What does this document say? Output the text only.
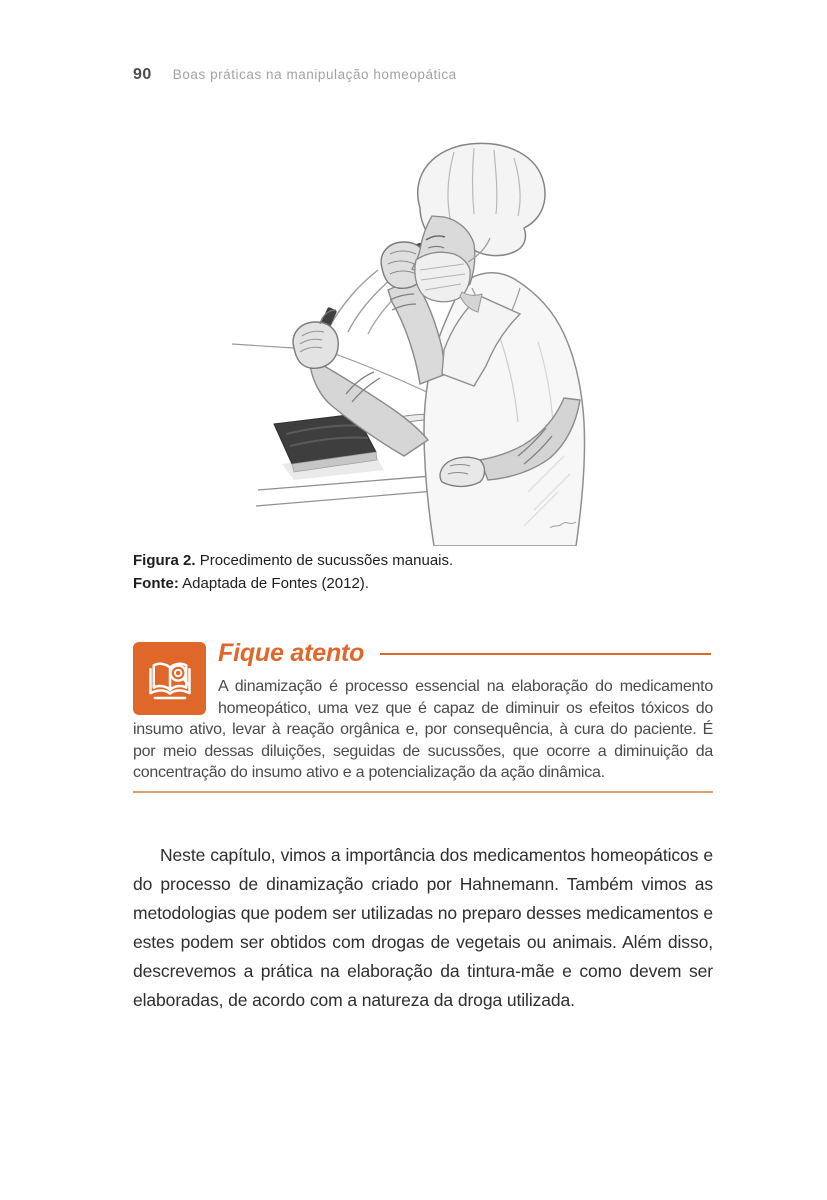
90 Boas práticas na manipulação homeopática

Figura 2. Procedimento de sucussões manuais.

Fonte: Adaptada de Fontes (2012).

Fique atento

A dinamização é processo essencial na elaboração do medicamento homeopático, uma vez que é capaz de diminuir os efeitos tóxicos do insumo ativo, levar à reação orgânica e, por consequência, à cura do paciente. É por meio dessas diluições, seguidas de sucussões, que ocorre a diminuição da concentração do insumo ativo e a potencialização da ação dinâmica.

Neste capítulo, vimos a importância dos medicamentos homeopáticos e do processo de dinamização criado por Hahnemann. Também vimos as metodologias que podem ser utilizadas no preparo desses medicamentos e estes podem ser obtidos com drogas de vegetais ou animais. Além disso, descrevemos a prática na elaboração da tintura-mãe e como devem ser elaboradas, de acordo com a natureza da droga utilizada.
